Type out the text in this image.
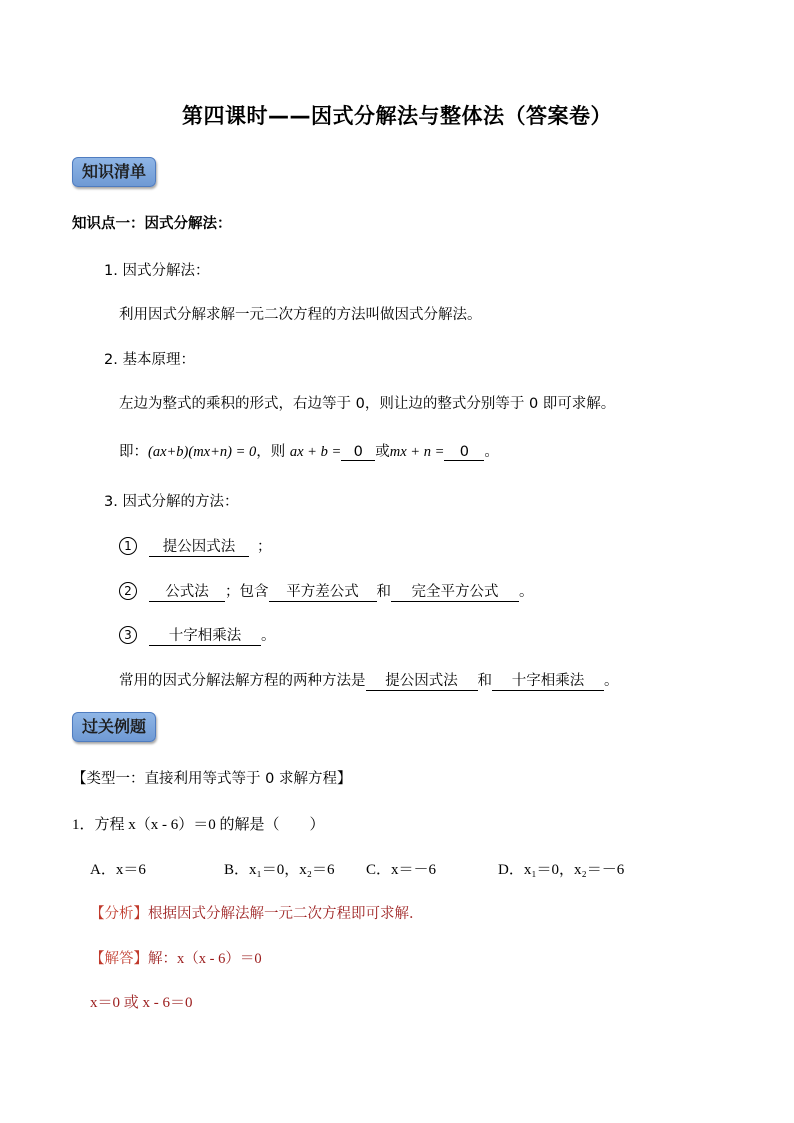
第四课时——因式分解法与整体法（答案卷）
知识清单
知识点一：因式分解法：
1. 因式分解法：
利用因式分解求解一元二次方程的方法叫做因式分解法。
2. 基本原理：
左边为整式的乘积的形式，右边等于 0，则让边的整式分别等于 0 即可求解。
即：(ax+b)(mx+n) = 0，则 ax + b = 0 或mx + n = 0 。
3. 因式分解的方法：
1 提公因式法 ；
2 公式法 ；包含 平方差公式 和 完全平方公式 。
3	十字相乘法 。
常用的因式分解法解方程的两种方法是 提公因式法 和 十字相乘法 。
过关例题
【类型一：直接利用等式等于 0 求解方程】
1．方程 x（x - 6）＝0 的解是（　　）
A．x＝6	B．x₁＝0，x₂＝6 C．x＝－6	D．x₁＝0，x₂＝－6
【分析】根据因式分解法解一元二次方程即可求解．
【解答】解：x（x - 6）＝0
x＝0 或 x - 6＝0
